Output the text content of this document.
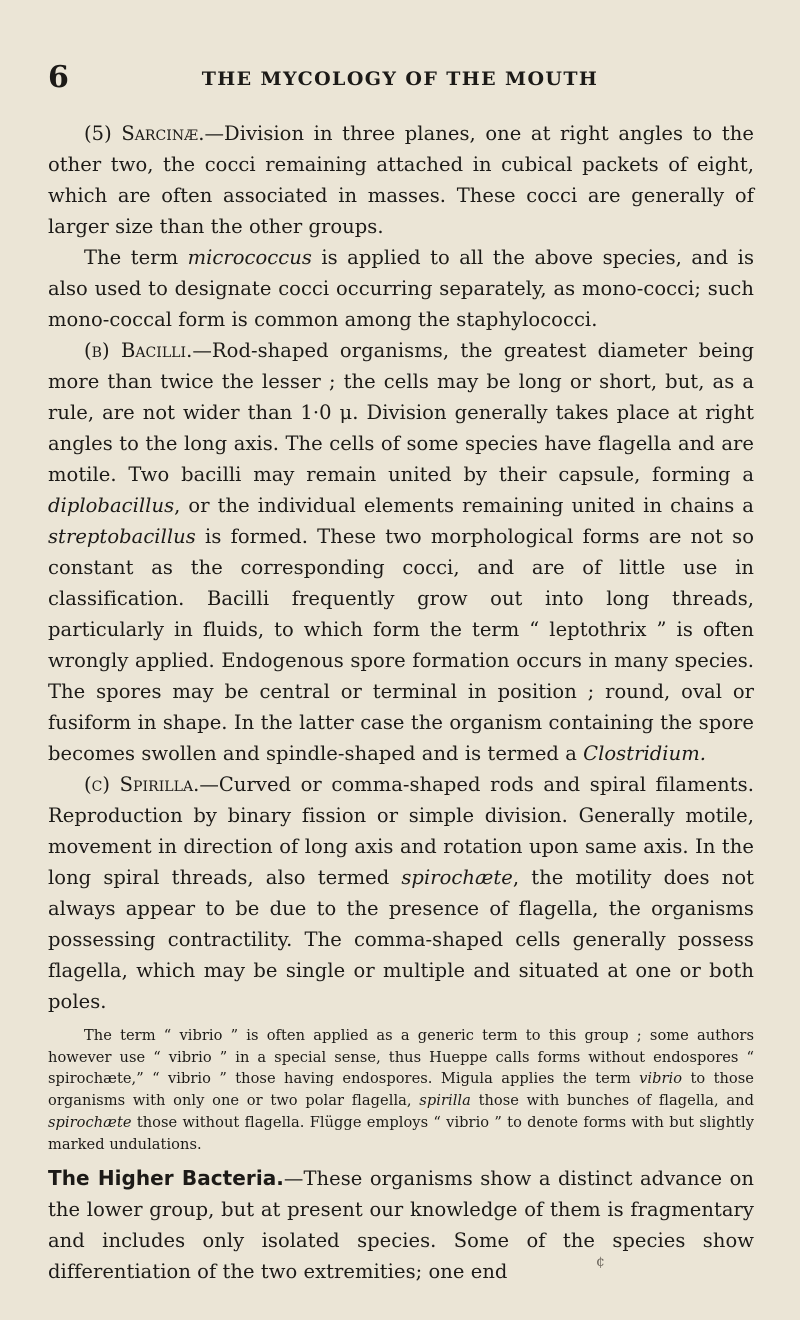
6	THE MYCOLOGY OF THE MOUTH

(5) Sarcinæ.—Division in three planes, one at right angles to the other two, the cocci remaining attached in cubical packets of eight, which are often associated in masses. These cocci are generally of larger size than the other groups.

The term micrococcus is applied to all the above species, and is also used to designate cocci occurring separately, as mono-cocci; such mono-coccal form is common among the staphylococci.

(b) Bacilli.—Rod-shaped organisms, the greatest diameter being more than twice the lesser ; the cells may be long or short, but, as a rule, are not wider than 1·0 μ. Division generally takes place at right angles to the long axis. The cells of some species have flagella and are motile. Two bacilli may remain united by their capsule, forming a diplobacillus, or the individual elements remaining united in chains a streptobacillus is formed. These two morphological forms are not so constant as the corresponding cocci, and are of little use in classification. Bacilli frequently grow out into long threads, particularly in fluids, to which form the term “ leptothrix ” is often wrongly applied. Endogenous spore formation occurs in many species. The spores may be central or terminal in position ; round, oval or fusiform in shape. In the latter case the organism containing the spore becomes swollen and spindle-shaped and is termed a Clostridium.

(c) Spirilla.—Curved or comma-shaped rods and spiral filaments. Reproduction by binary fission or simple division. Generally motile, movement in direction of long axis and rotation upon same axis. In the long spiral threads, also termed spirochæte, the motility does not always appear to be due to the presence of flagella, the organisms possessing contractility. The comma-shaped cells generally possess flagella, which may be single or multiple and situated at one or both poles.

The term “ vibrio ” is often applied as a generic term to this group ; some authors however use “ vibrio ” in a special sense, thus Hueppe calls forms without endospores “ spirochæte,” “ vibrio ” those having endospores. Migula applies the term vibrio to those organisms with only one or two polar flagella, spirilla those with bunches of flagella, and spirochæte those without flagella. Flügge employs “ vibrio ” to denote forms with but slightly marked undulations.

The Higher Bacteria.—These organisms show a distinct advance on the lower group, but at present our knowledge of them is fragmentary and includes only isolated species. Some of the species show differentiation of the two extremities; one end	¢
